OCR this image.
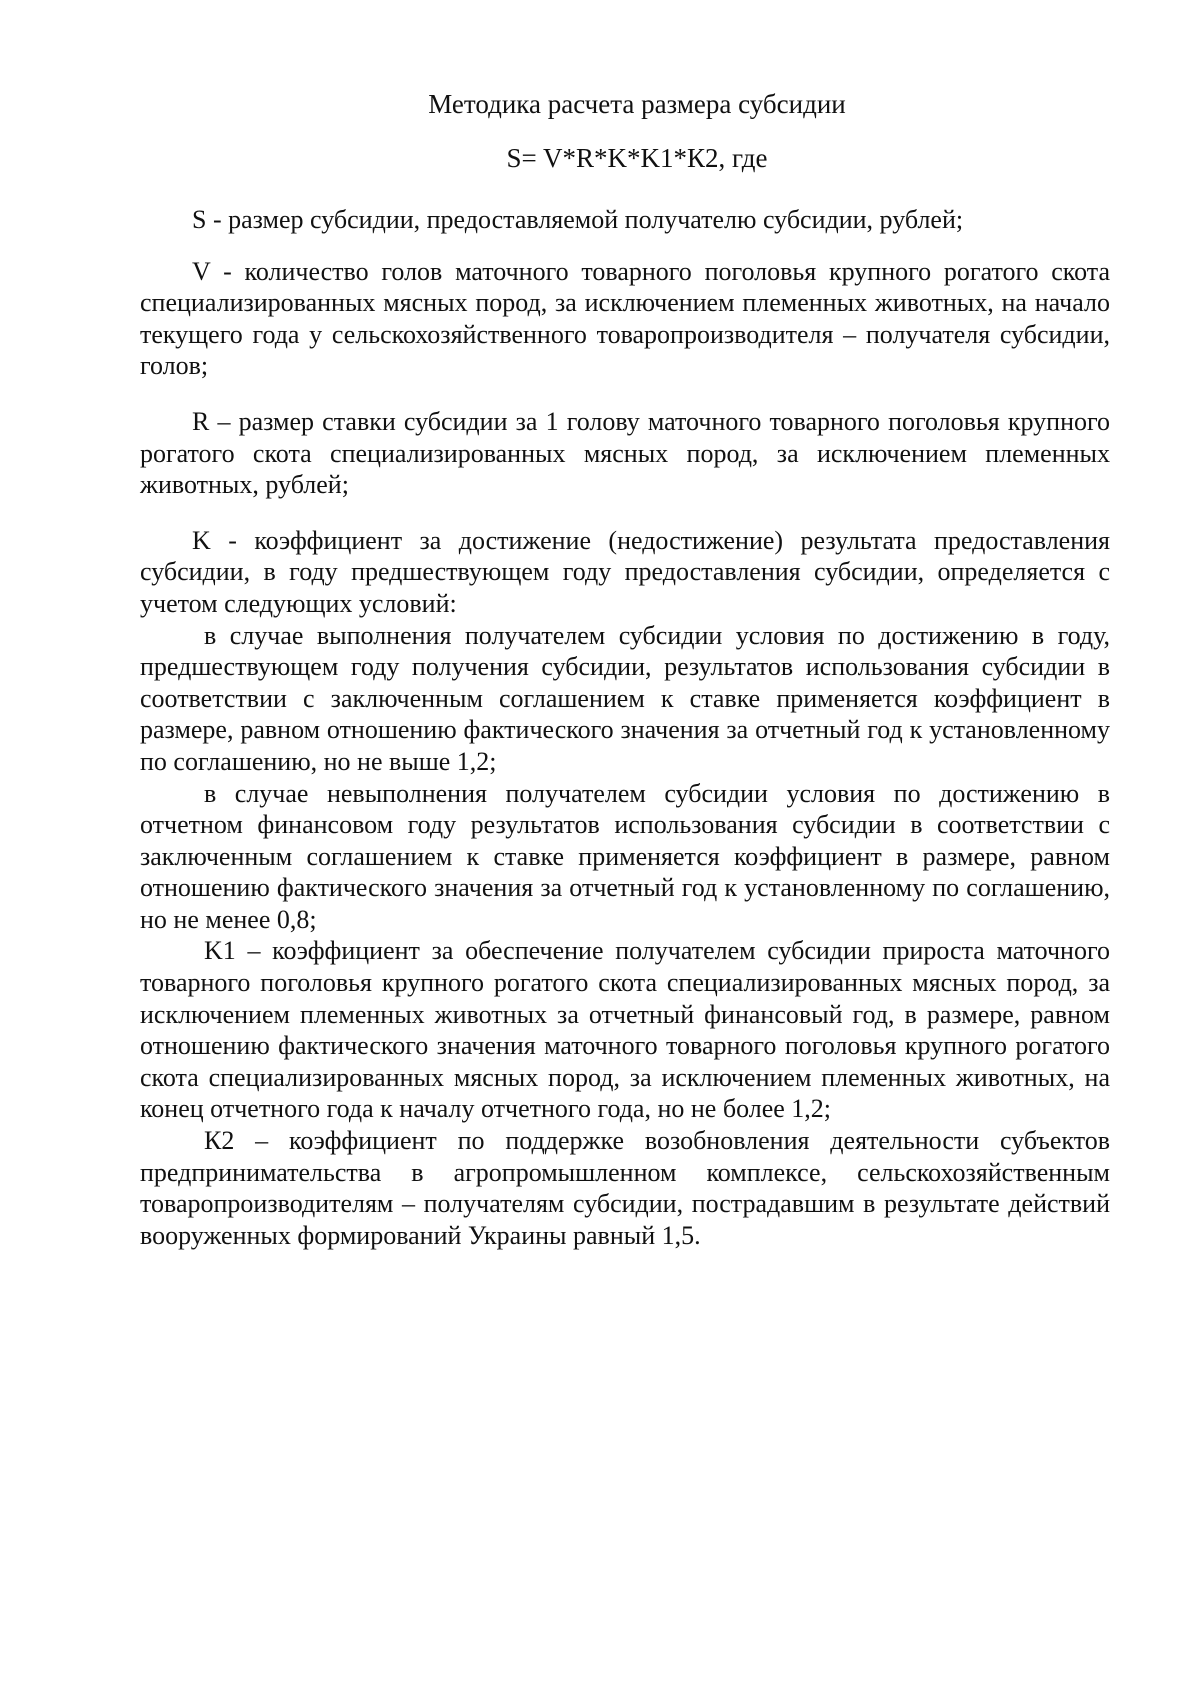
Методика расчета размера субсидии
S= V*R*K*K1*К2, где

S - размер субсидии, предоставляемой получателю субсидии, рублей;

V - количество голов маточного товарного поголовья крупного рогатого скота специализированных мясных пород, за исключением племенных животных, на начало текущего года у сельскохозяйственного товаропроизводителя – получателя субсидии, голов;

R – размер ставки субсидии за 1 голову маточного товарного поголовья крупного рогатого скота специализированных мясных пород, за исключением племенных животных, рублей;

K - коэффициент за достижение (недостижение) результата предоставления субсидии, в году предшествующем году предоставления субсидии, определяется с учетом следующих условий:

в случае выполнения получателем субсидии условия по достижению в году, предшествующем году получения субсидии, результатов использования субсидии в соответствии с заключенным соглашением к ставке применяется коэффициент в размере, равном отношению фактического значения за отчетный год к установленному по соглашению, но не выше 1,2;

в случае невыполнения получателем субсидии условия по достижению в отчетном финансовом году результатов использования субсидии в соответствии с заключенным соглашением к ставке применяется коэффициент в размере, равном отношению фактического значения за отчетный год к установленному по соглашению, но не менее 0,8;

K1 – коэффициент за обеспечение получателем субсидии прироста маточного товарного поголовья крупного рогатого скота специализированных мясных пород, за исключением племенных животных за отчетный финансовый год, в размере, равном отношению фактического значения маточного товарного поголовья крупного рогатого скота специализированных мясных пород, за исключением племенных животных, на конец отчетного года к началу отчетного года, но не более 1,2;

К2 – коэффициент по поддержке возобновления деятельности субъектов предпринимательства в агропромышленном комплексе, сельскохозяйственным товаропроизводителям – получателям субсидии, пострадавшим в результате действий вооруженных формирований Украины равный 1,5.
